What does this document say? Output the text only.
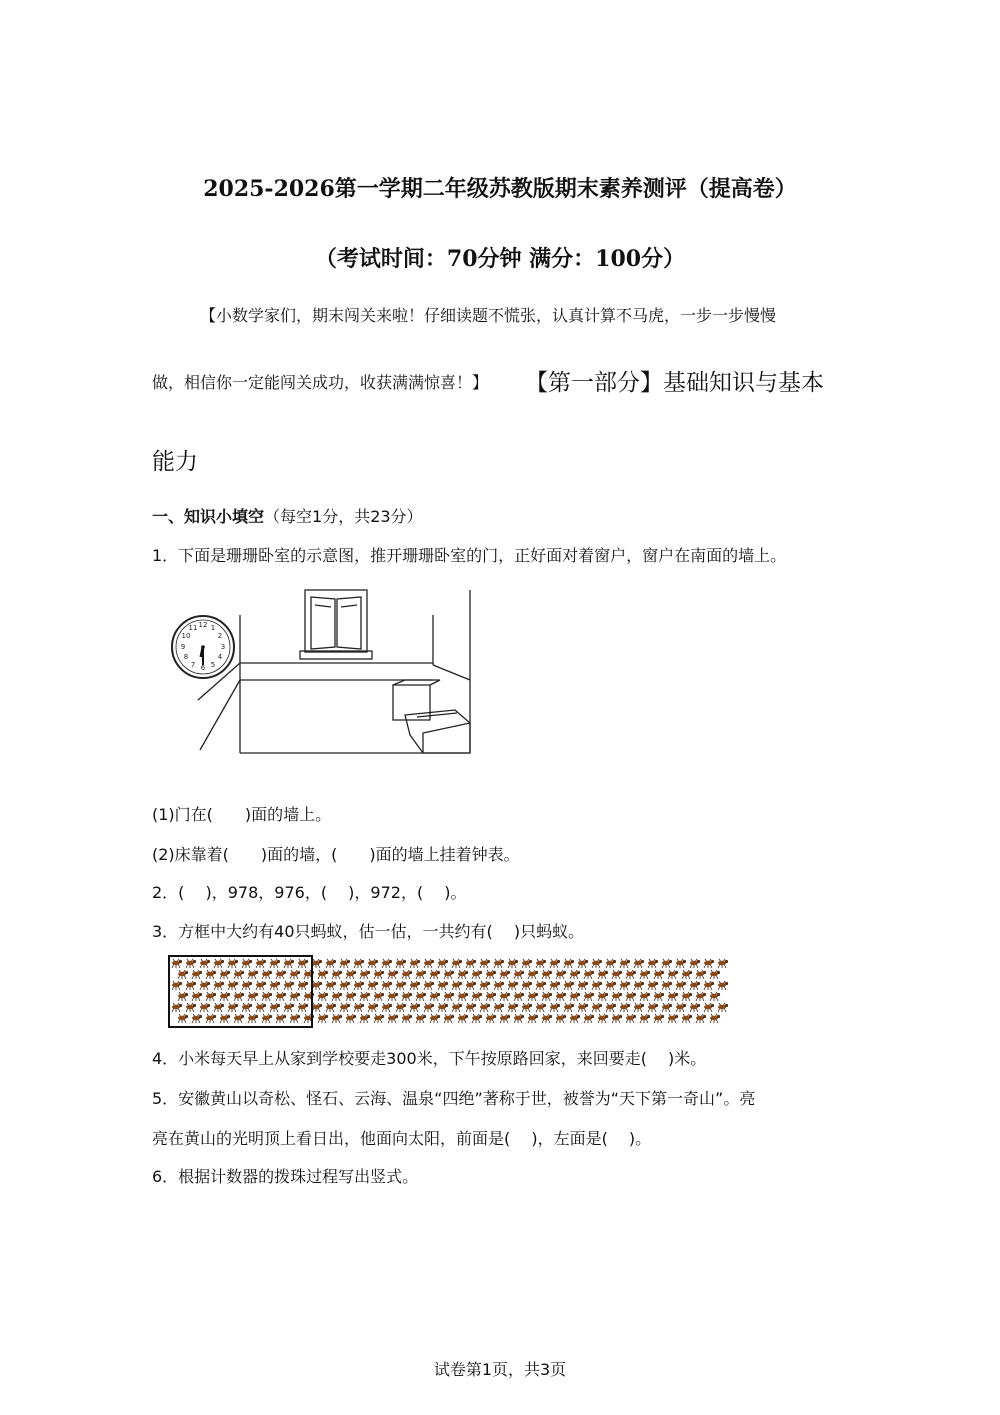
2025-2026第一学期二年级苏教版期末素养测评（提高卷）
（考试时间：70分钟 满分：100分）
【小数学家们，期末闯关来啦！仔细读题不慌张，认真计算不马虎，一步一步慢慢
做，相信你一定能闯关成功，收获满满惊喜！】 【第一部分】基础知识与基本
能力
一、知识小填空（每空1分，共23分）
1．下面是珊珊卧室的示意图，推开珊珊卧室的门，正好面对着窗户，窗户在南面的墙上。
12 1
2
3
4
5
6
7
8
9
10
11
(1)门在(　　)面的墙上。
(2)床靠着(　　)面的墙，(　　)面的墙上挂着钟表。
2．(　 )，978，976，(　 )，972，(　 )。
3．方框中大约有40只蚂蚁，估一估，一共约有(　 )只蚂蚁。
4．小米每天早上从家到学校要走300米，下午按原路回家，来回要走(　 )米。
5．安徽黄山以奇松、怪石、云海、温泉“四绝”著称于世，被誉为“天下第一奇山”。亮
亮在黄山的光明顶上看日出，他面向太阳，前面是(　 )，左面是(　 )。
6．根据计数器的拨珠过程写出竖式。
试卷第1页，共3页
